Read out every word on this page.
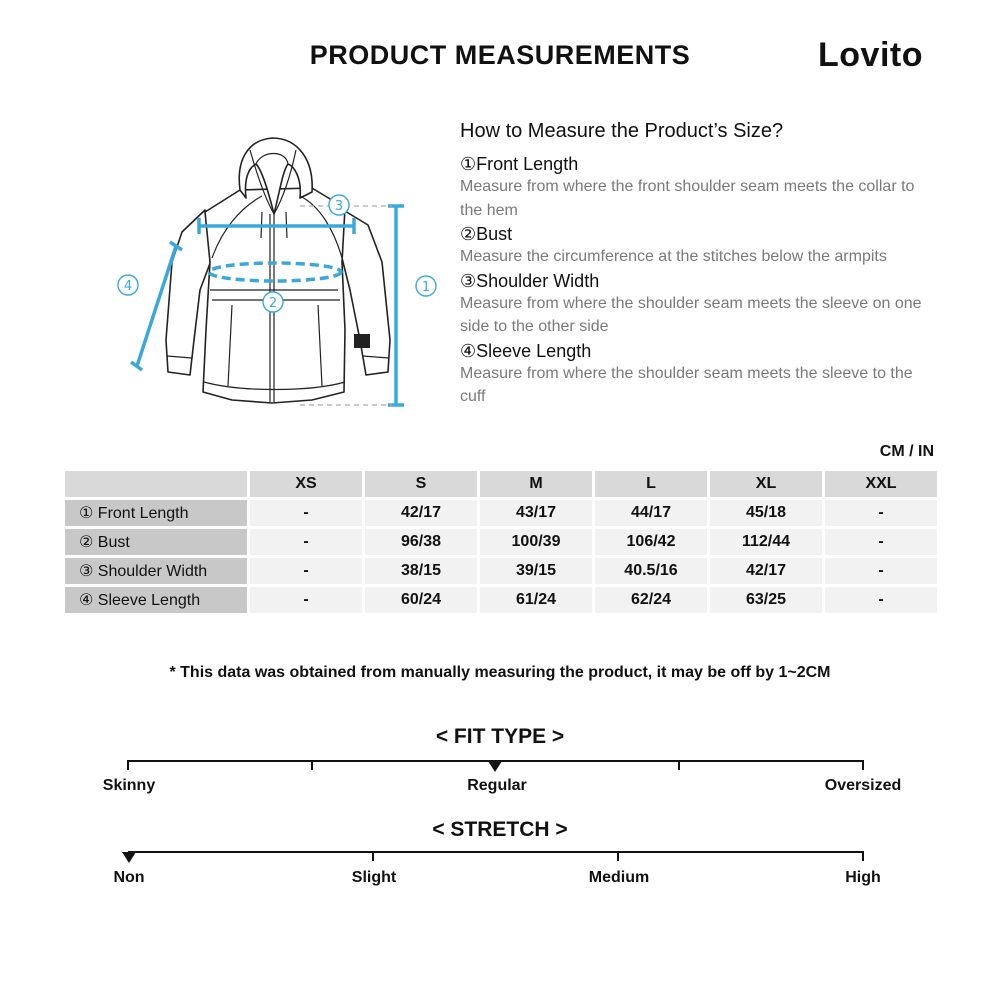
PRODUCT MEASUREMENTS	Lovito
4
2
3
1
How to Measure the Product’s Size?
①Front Length
Measure from where the front shoulder seam meets the collar to the hem
②Bust
Measure the circumference at the stitches below the armpits
③Shoulder Width
Measure from where the shoulder seam meets the sleeve on one side to the other side
④Sleeve Length
Measure from where the shoulder seam meets the sleeve to the cuff
CM / IN
	XS	S	M	L	XL	XXL
① Front Length	-	42/17	43/17	44/17	45/18	-
② Bust	-	96/38	100/39	106/42	112/44	-
③ Shoulder Width	-	38/15	39/15	40.5/16	42/17	-
④ Sleeve Length	-	60/24	61/24	62/24	63/25	-
* This data was obtained from manually measuring the product, it may be off by 1~2CM
< FIT TYPE >
Skinny	Regular	Oversized
< STRETCH >
Non	Slight	Medium	High
